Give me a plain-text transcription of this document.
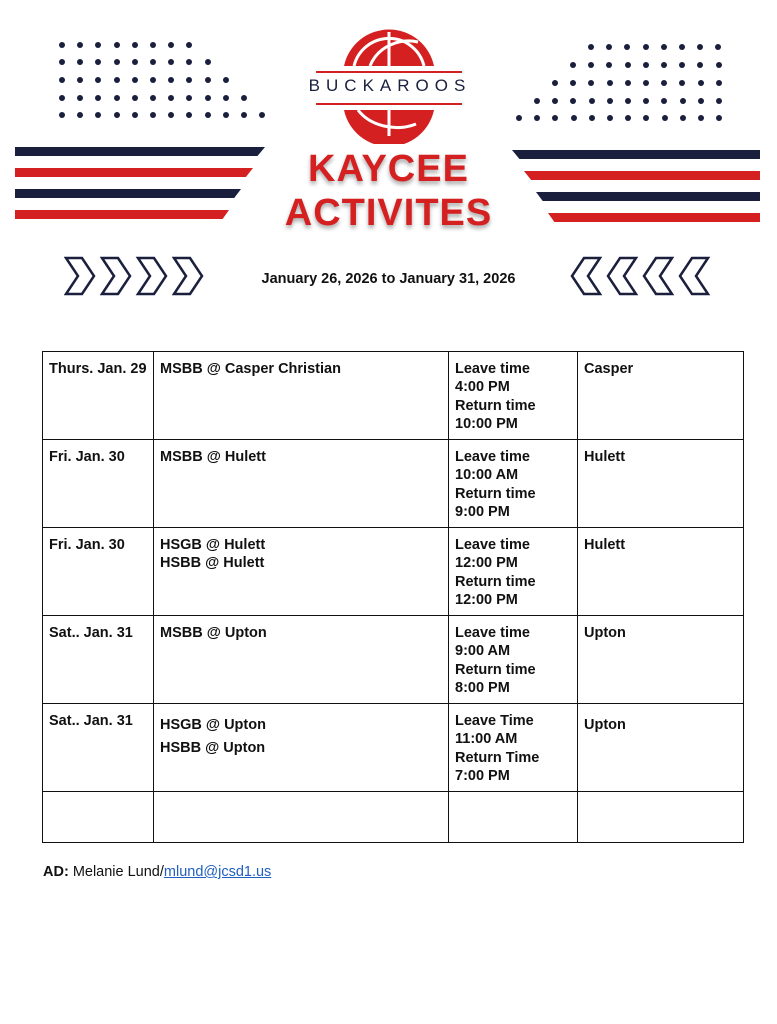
BUCKAROOS
KAYCEE
ACTIVITES
January 26, 2026 to January 31, 2026
Thurs. Jan. 29	MSBB @ Casper Christian	Leave time
4:00 PM
Return time
10:00 PM	Casper
Fri. Jan. 30	MSBB @ Hulett	Leave time
10:00 AM
Return time
9:00 PM	Hulett
Fri. Jan. 30	HSGB @ Hulett
HSBB @ Hulett	Leave time
12:00 PM
Return time
12:00 PM	Hulett
Sat.. Jan. 31	MSBB @ Upton	Leave time
9:00 AM
Return time
8:00 PM	Upton
Sat.. Jan. 31	HSGB @ Upton
HSBB @ Upton	Leave Time
11:00 AM
Return Time
7:00 PM	Upton

AD: Melanie Lund/mlund@jcsd1.us
